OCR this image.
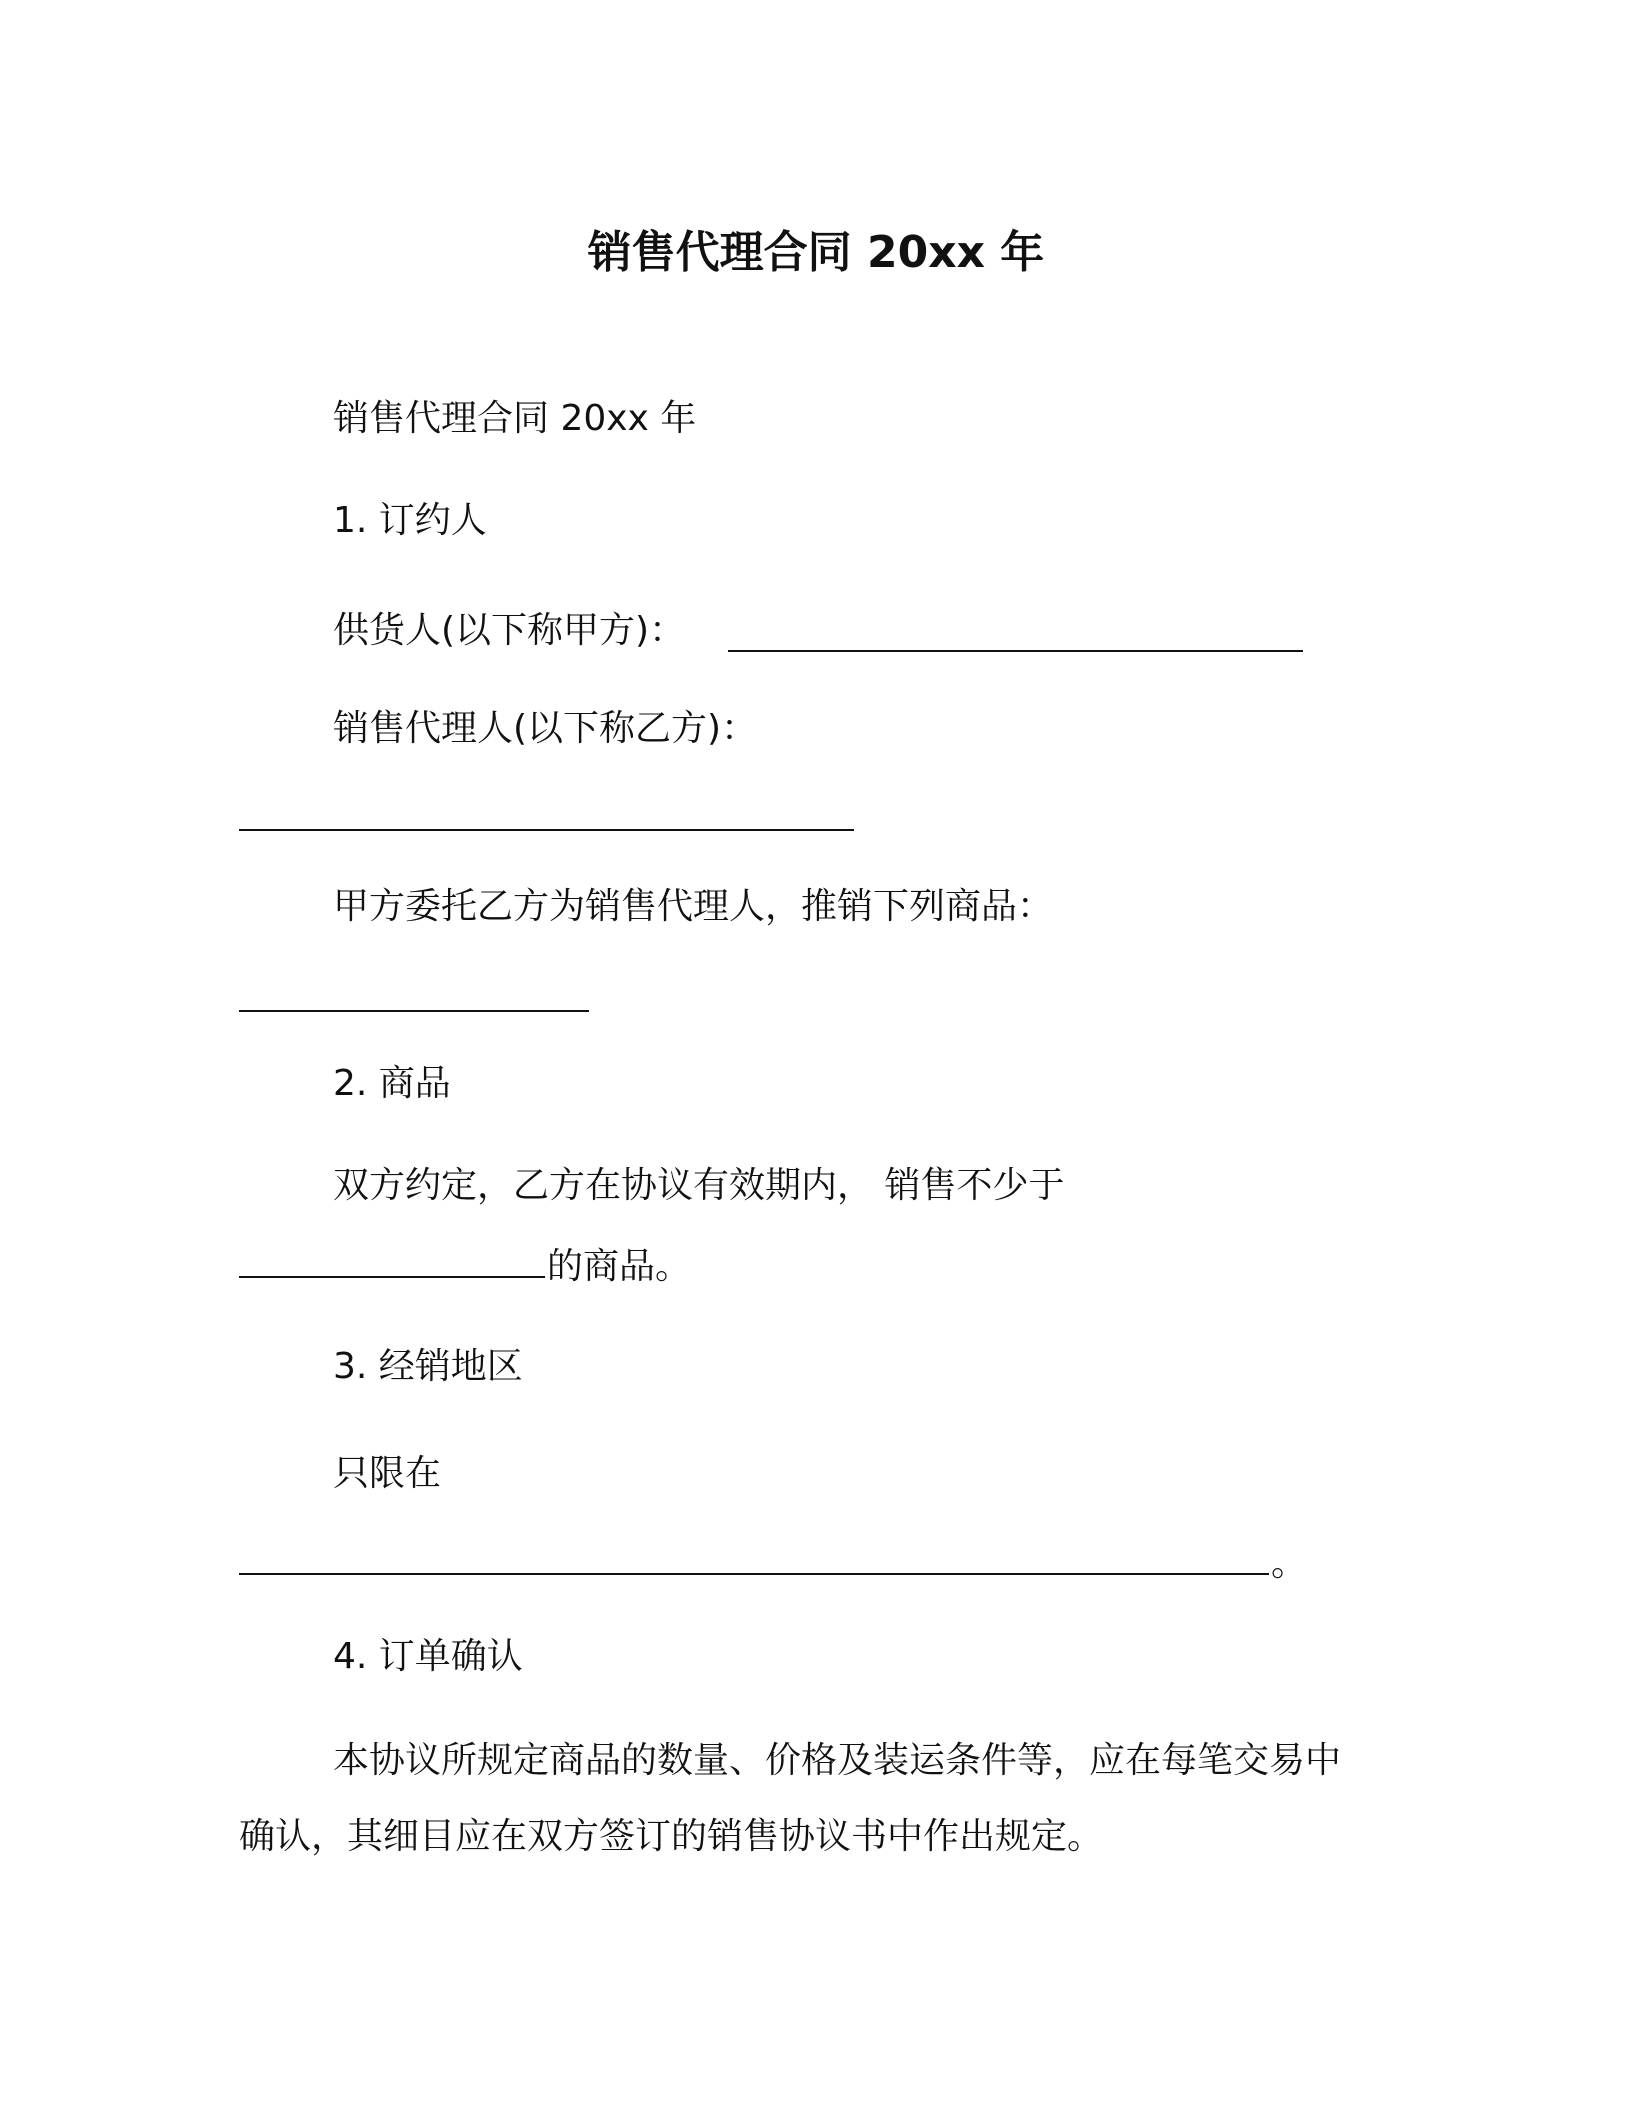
销售代理合同 20xx 年
销售代理合同 20xx 年
1. 订约人
供货人(以下称甲方)：
销售代理人(以下称乙方)：
甲方委托乙方为销售代理人，推销下列商品：
2. 商品
双方约定，乙方在协议有效期内， 销售不少于
的商品。
3. 经销地区
只限在
。
4. 订单确认
本协议所规定商品的数量、价格及装运条件等，应在每笔交易中
确认，其细目应在双方签订的销售协议书中作出规定。
